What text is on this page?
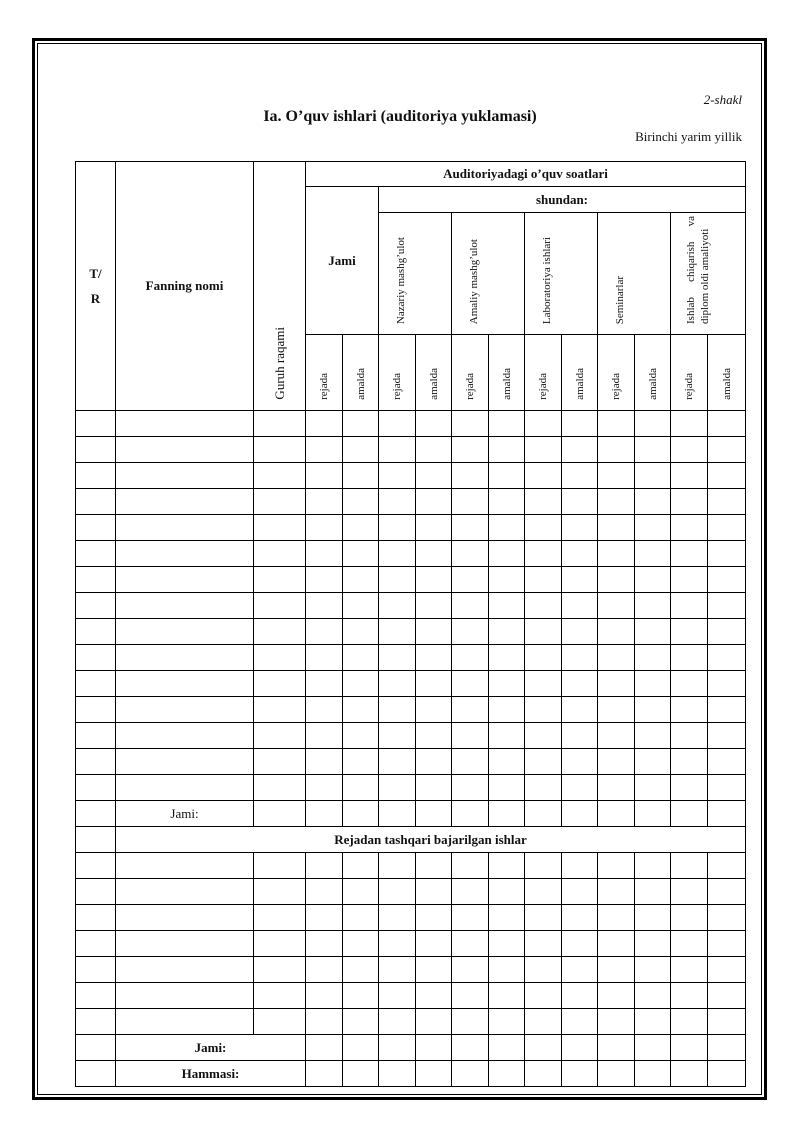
2-shakl
Ia. O’quv ishlari (auditoriya yuklamasi)
Birinchi yarim yillik
T/
R	Fanning nomi	Guruh raqami	Auditoriyadagi o’quv soatlari											
			Jami		shundan:									
					Nazariy mashg’ulot		Amaliy mashg’ulot		Laboratoriya ishlari		Seminarlar		Ishlab chiqarish va diplom oldi amaliyoti	
			rejada	amalda	rejada	amalda	rejada	amalda	rejada	amalda	rejada	amalda	rejada	amalda

	Jami:													
	Rejadan tashqari bajarilgan ishlar													

	Jami:													
	Hammasi:													
